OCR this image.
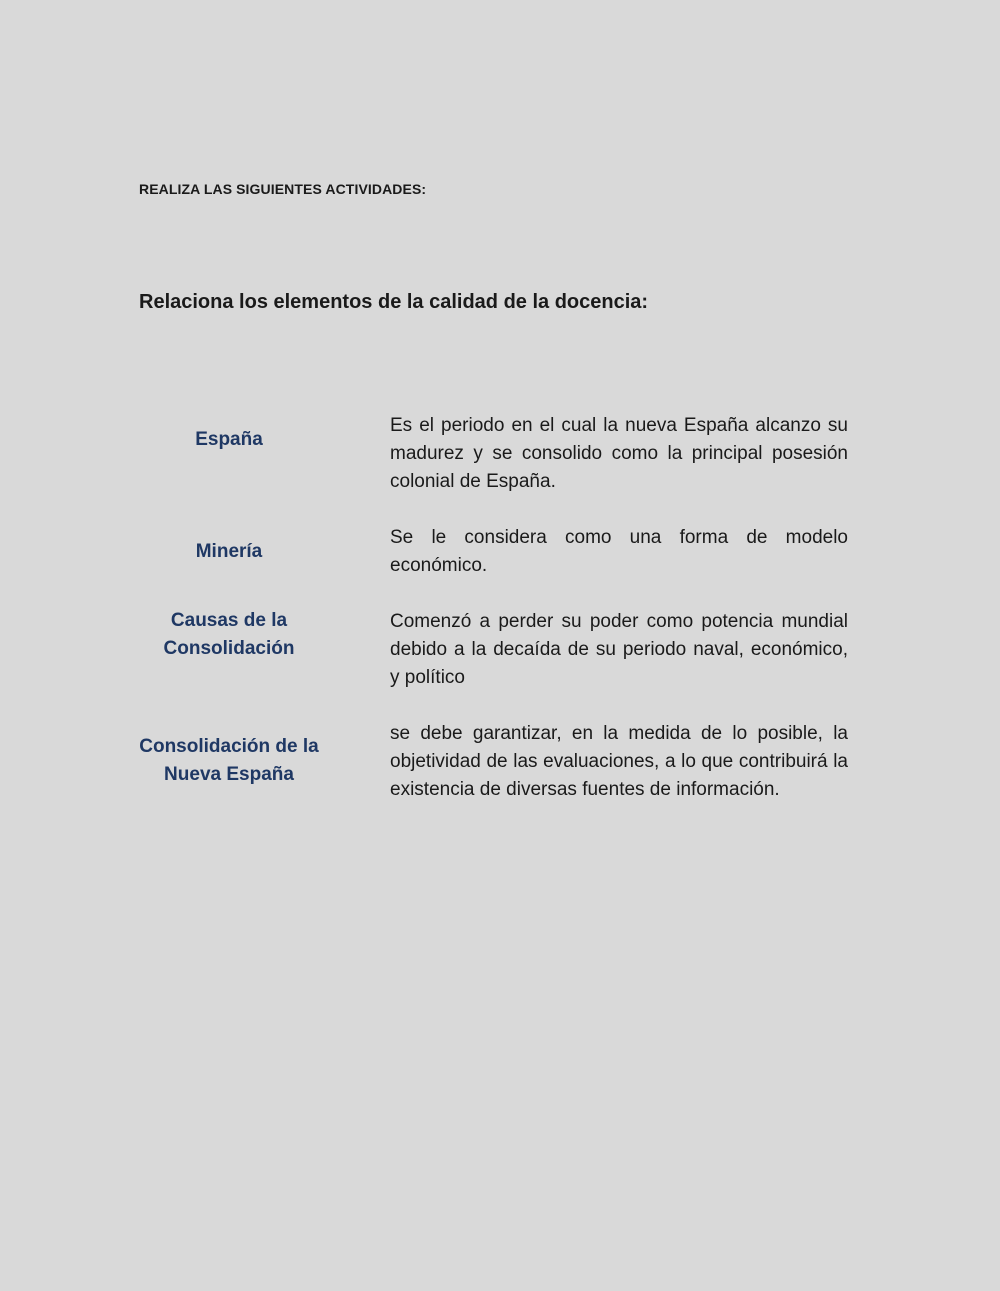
REALIZA LAS SIGUIENTES ACTIVIDADES:
Relaciona los elementos de la calidad de la docencia:
España
Es el periodo en el cual la nueva España alcanzo su madurez y se consolido como la principal posesión colonial de España.
Minería
Se le considera como una forma de modelo económico.
Causas de la Consolidación
Comenzó a perder su poder como potencia mundial debido a la decaída de su periodo naval, económico, y político
Consolidación de la Nueva España
se debe garantizar, en la medida de lo posible, la objetividad de las evaluaciones, a lo que contribuirá la existencia de diversas fuentes de información.
